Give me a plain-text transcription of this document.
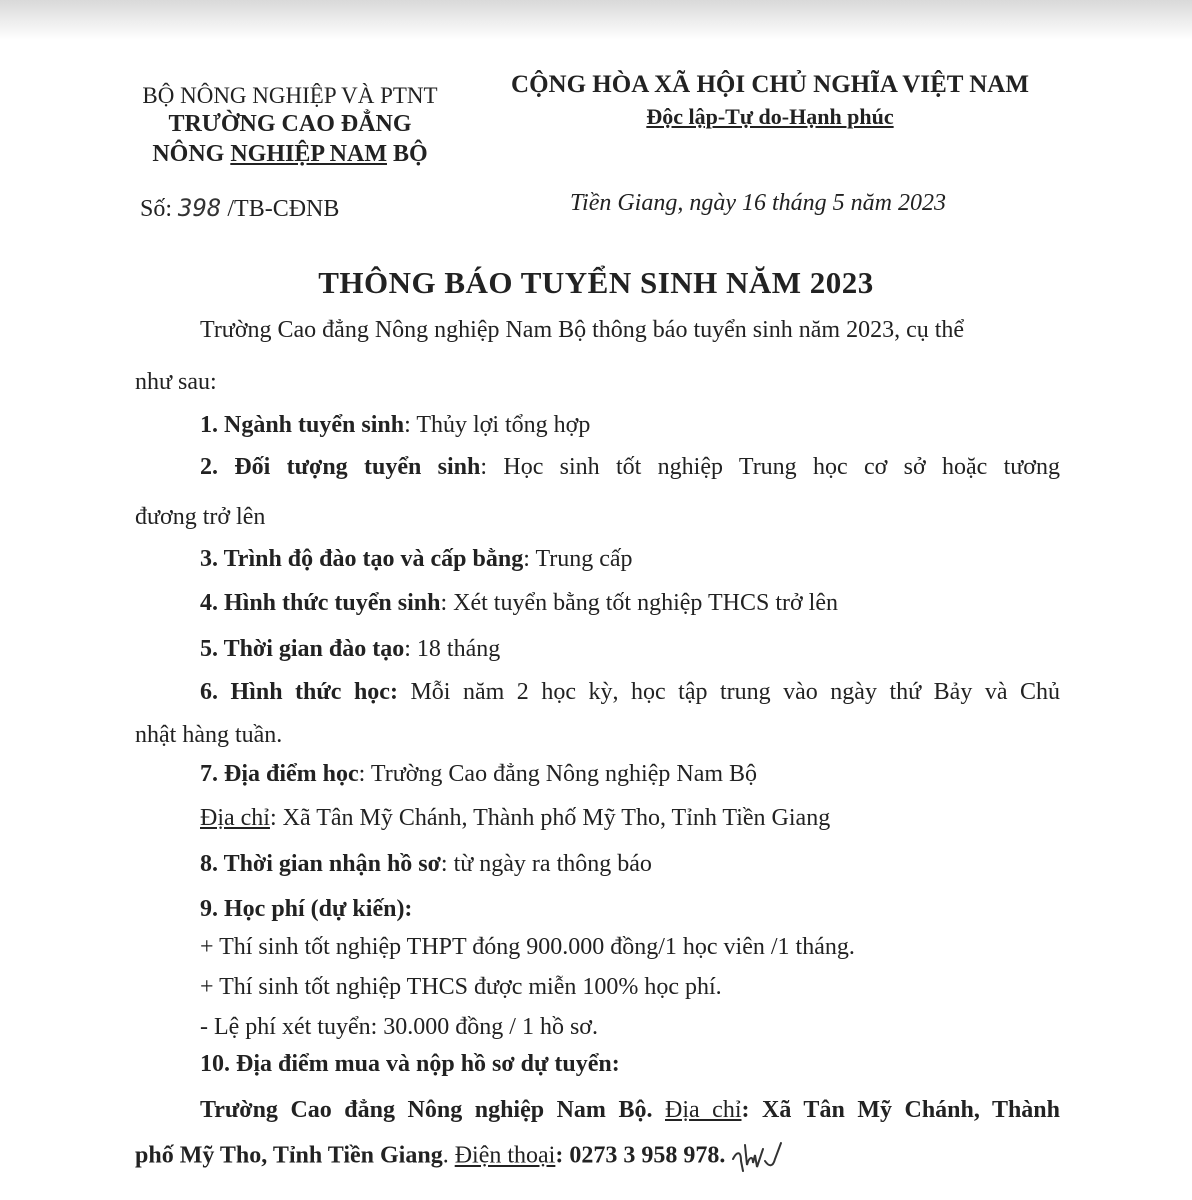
BỘ NÔNG NGHIỆP VÀ PTNT
TRƯỜNG CAO ĐẲNG
NÔNG NGHIỆP NAM BỘ
CỘNG HÒA XÃ HỘI CHỦ NGHĨA VIỆT NAM
Độc lập-Tự do-Hạnh phúc
Số: 398 /TB-CĐNB	Tiền Giang, ngày 16 tháng 5 năm 2023
THÔNG BÁO TUYỂN SINH NĂM 2023
Trường Cao đẳng Nông nghiệp Nam Bộ thông báo tuyển sinh năm 2023, cụ thể
như sau:
1. Ngành tuyển sinh: Thủy lợi tổng hợp
2. Đối tượng tuyển sinh: Học sinh tốt nghiệp Trung học cơ sở hoặc tương
đương trở lên
3. Trình độ đào tạo và cấp bằng: Trung cấp
4. Hình thức tuyển sinh: Xét tuyển bằng tốt nghiệp THCS trở lên
5. Thời gian đào tạo: 18 tháng
6. Hình thức học: Mỗi năm 2 học kỳ, học tập trung vào ngày thứ Bảy và Chủ
nhật hàng tuần.
7. Địa điểm học: Trường Cao đẳng Nông nghiệp Nam Bộ
Địa chỉ: Xã Tân Mỹ Chánh, Thành phố Mỹ Tho, Tỉnh Tiền Giang
8. Thời gian nhận hồ sơ: từ ngày ra thông báo
9. Học phí (dự kiến):
+ Thí sinh tốt nghiệp THPT đóng 900.000 đồng/1 học viên /1 tháng.
+ Thí sinh tốt nghiệp THCS được miễn 100% học phí.
- Lệ phí xét tuyển: 30.000 đồng / 1 hồ sơ.
10. Địa điểm mua và nộp hồ sơ dự tuyển:
Trường Cao đẳng Nông nghiệp Nam Bộ. Địa chỉ: Xã Tân Mỹ Chánh, Thành
phố Mỹ Tho, Tỉnh Tiền Giang. Điện thoại: 0273 3 958 978.
